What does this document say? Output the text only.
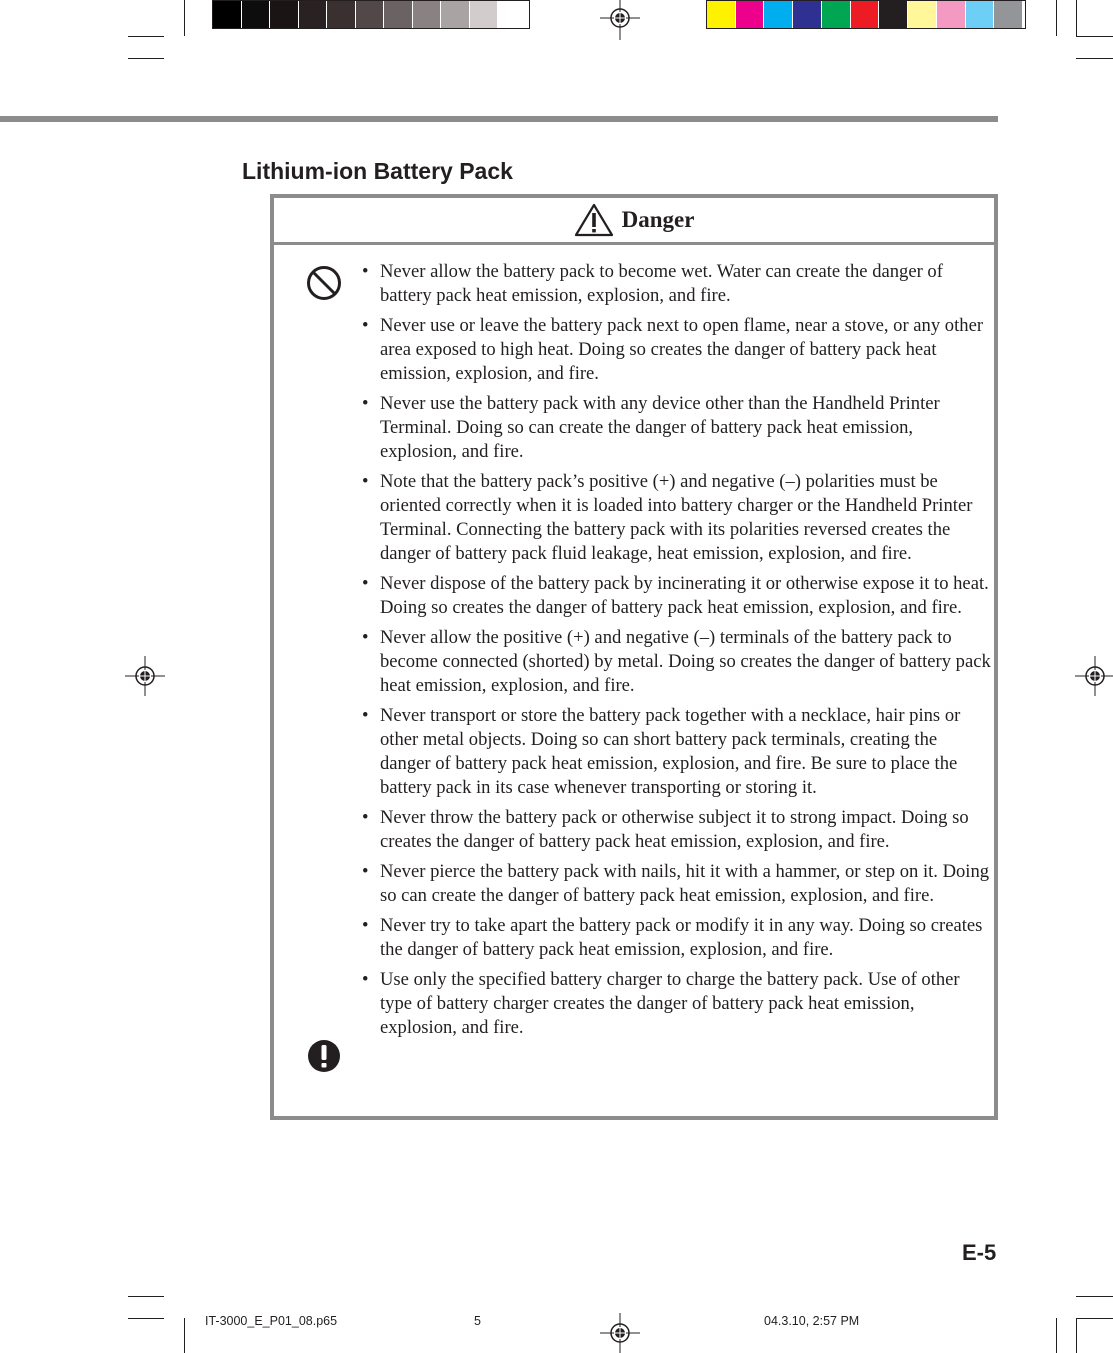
Lithium-ion Battery Pack
Danger
• Never allow the battery pack to become wet. Water can create the danger of battery pack heat emission, explosion, and fire.
• Never use or leave the battery pack next to open flame, near a stove, or any other area exposed to high heat. Doing so creates the danger of battery pack heat emission, explosion, and fire.
• Never use the battery pack with any device other than the Handheld Printer Terminal. Doing so can create the danger of battery pack heat emission, explosion, and fire.
• Note that the battery pack’s positive (+) and negative (–) polarities must be oriented correctly when it is loaded into battery charger or the Handheld Printer Terminal. Connecting the battery pack with its polarities reversed creates the danger of battery pack fluid leakage, heat emission, explosion, and fire.
• Never dispose of the battery pack by incinerating it or otherwise expose it to heat. Doing so creates the danger of battery pack heat emission, explosion, and fire.
• Never allow the positive (+) and negative (–) terminals of the battery pack to become connected (shorted) by metal. Doing so creates the danger of battery pack heat emission, explosion, and fire.
• Never transport or store the battery pack together with a necklace, hair pins or other metal objects. Doing so can short battery pack terminals, creating the danger of battery pack heat emission, explosion, and fire. Be sure to place the battery pack in its case whenever transporting or storing it.
• Never throw the battery pack or otherwise subject it to strong impact. Doing so creates the danger of battery pack heat emission, explosion, and fire.
• Never pierce the battery pack with nails, hit it with a hammer, or step on it. Doing so can create the danger of battery pack heat emission, explosion, and fire.
• Never try to take apart the battery pack or modify it in any way. Doing so creates the danger of battery pack heat emission, explosion, and fire.
• Use only the specified battery charger to charge the battery pack. Use of other type of battery charger creates the danger of battery pack heat emission, explosion, and fire.
E-5
IT-3000_E_P01_08.p65	5	04.3.10, 2:57 PM
